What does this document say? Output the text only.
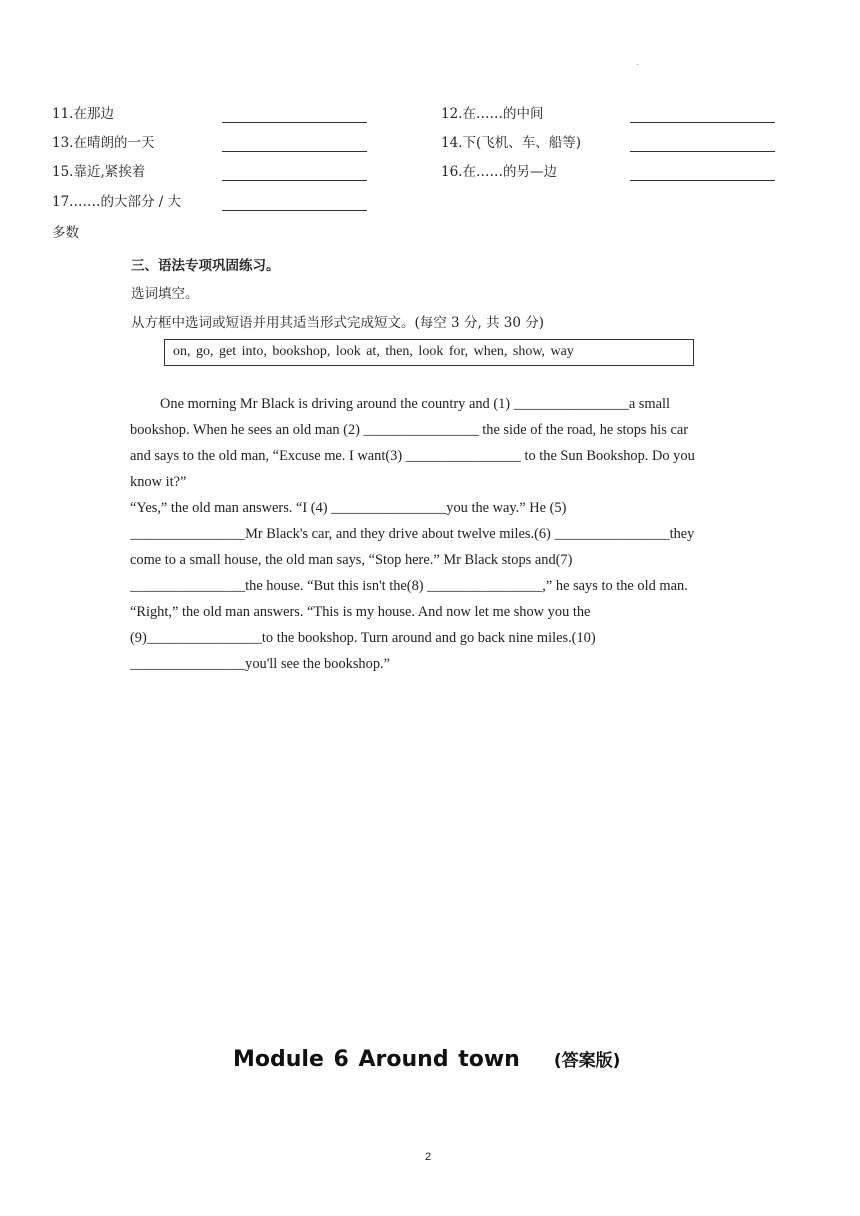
.
11.在那边	12.在……的中间
13.在晴朗的一天	14.下(飞机、车、船等)
15.靠近,紧挨着	16.在……的另—边
17.……的大部分 / 大
多数
三、语法专项巩固练习。
选词填空。
从方框中选词或短语并用其适当形式完成短文。(每空 3 分, 共 30 分)
on, go, get into, bookshop, look at, then, look for, when, show, way
One morning Mr Black is driving around the country and (1) ________________a small
bookshop. When he sees an old man (2) ________________ the side of the road, he stops his car
and says to the old man, “Excuse me. I want(3) ________________ to the Sun Bookshop. Do you
know it?”
“Yes,” the old man answers. “I (4) ________________you the way.” He (5)
________________Mr Black's car, and they drive about twelve miles.(6) ________________they
come to a small house, the old man says, “Stop here.” Mr Black stops and(7)
________________the house. “But this isn't the(8) ________________,” he says to the old man.
“Right,” the old man answers. “This is my house. And now let me show you the
(9)________________to the bookshop. Turn around and go back nine miles.(10)
________________you'll see the bookshop.”
Module 6 Around town (答案版)
2
